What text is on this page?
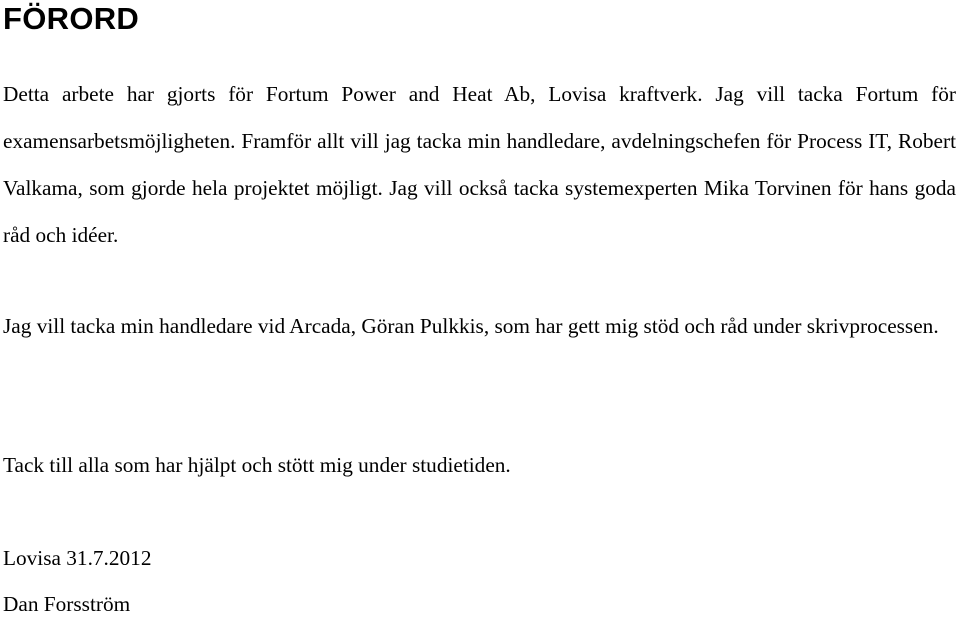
FÖRORD

Detta arbete har gjorts för Fortum Power and Heat Ab, Lovisa kraftverk. Jag vill tacka Fortum för examensarbetsmöjligheten. Framför allt vill jag tacka min handledare, avdelningschefen för Process IT, Robert Valkama, som gjorde hela projektet möjligt. Jag vill också tacka systemexperten Mika Torvinen för hans goda råd och idéer.

Jag vill tacka min handledare vid Arcada, Göran Pulkkis, som har gett mig stöd och råd under skrivprocessen.

Tack till alla som har hjälpt och stött mig under studietiden.

Lovisa 31.7.2012

Dan Forsström
